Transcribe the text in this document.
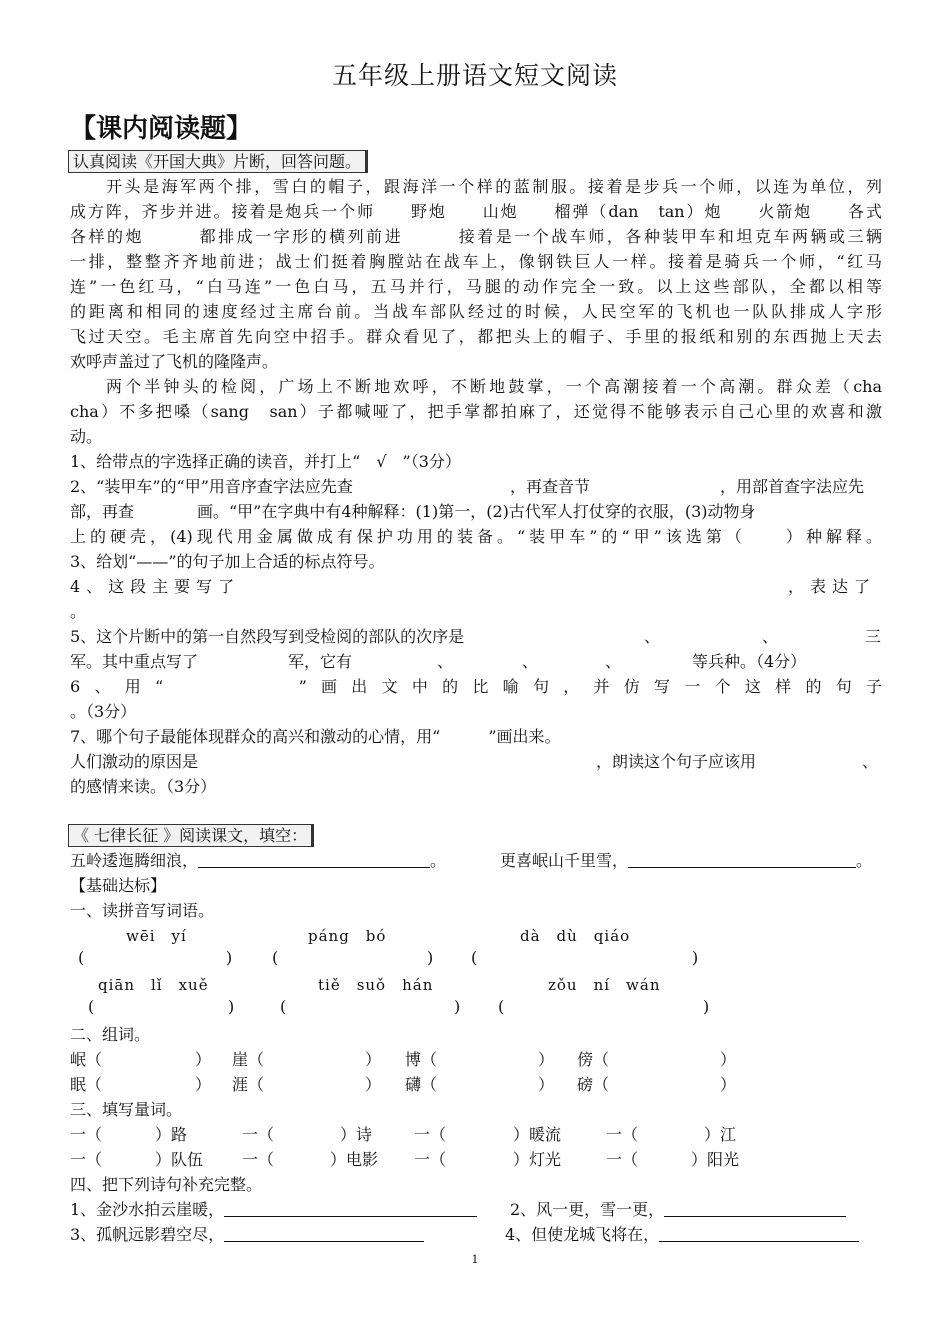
五年级上册语文短文阅读
【课内阅读题】
认真阅读《开国大典》片断，回答问题。
开头是海军两个排，雪白的帽子，跟海洋一个样的蓝制服。接着是步兵一个师，以连为单位，列
成方阵，齐步并进。接着是炮兵一个师　　野炮　　山炮　　榴弹（dan　tan）炮　　火箭炮　　各式
各样的炮　　　都排成一字形的横列前进　　　接着是一个战车师，各种装甲车和坦克车两辆或三辆
一排，整整齐齐地前进；战士们挺着胸膛站在战车上，像钢铁巨人一样。接着是骑兵一个师，“红马
连”一色红马，“白马连”一色白马，五马并行，马腿的动作完全一致。以上这些部队，全都以相等
的距离和相同的速度经过主席台前。当战车部队经过的时候，人民空军的飞机也一队队排成人字形
飞过天空。毛主席首先向空中招手。群众看见了，都把头上的帽子、手里的报纸和别的东西抛上天去
欢呼声盖过了飞机的隆隆声。
两个半钟头的检阅，广场上不断地欢呼，不断地鼓掌，一个高潮接着一个高潮。群众差（cha
cha）不多把嗓（sang　san）子都喊哑了，把手掌都拍麻了，还觉得不能够表示自己心里的欢喜和激
动。
1、给带点的字选择正确的读音，并打上“　√　”（3分）
2、“装甲车”的“甲”用音序查字法应先查	，再查音节	，用部首查字法应先
部，再查	画。“甲”在字典中有4种解释：(1)第一，(2)古代军人打仗穿的衣服，(3)动物身
上的硬壳，(4)现代用金属做成有保护功用的装备。“装甲车”的“甲”该选第（　　）种解释。
3、给划“——”的句子加上合适的标点符号。
4、这段主要写了	，表达了
。
5、这个片断中的第一自然段写到受检阅的部队的次序是	、	、	三
军。其中重点写了	军，它有	、	、	、	等兵种。（4分）
6、用“　　　　”画出文中的比喻句，并仿写一个这样的句子
。（3分）
7、哪个句子最能体现群众的高兴和激动的心情，用“　　　”画出来。
人们激动的原因是	，朗读这个句子应该用	、
的感情来读。（3分）
《 七律长征 》阅读课文，填空：
五岭逶迤腾细浪，	。	更喜岷山千里雪，	。
【基础达标】
一、读拼音写词语。
wēi　yí	páng　bó	dà　dù　qiáo
(	) (	) (	)
qiān　lǐ　xuě	tiě　suǒ　hán	zǒu　ní　wán
(	)	(	) (	)
二、组词。
岷（	） 崖（	） 博（	） 傍（	）
眠（	） 涯（	） 礴（	） 磅（	）
三、填写量词。
一（	）路	一（	）诗	一（	）暖流	一（	）江
一（	）队伍 一（	）电影 一（	）灯光	一（	）阳光
四、把下列诗句补充完整。
1、金沙水拍云崖暖，	2、风一更，雪一更，
3、孤帆远影碧空尽，	4、但使龙城飞将在，
1
